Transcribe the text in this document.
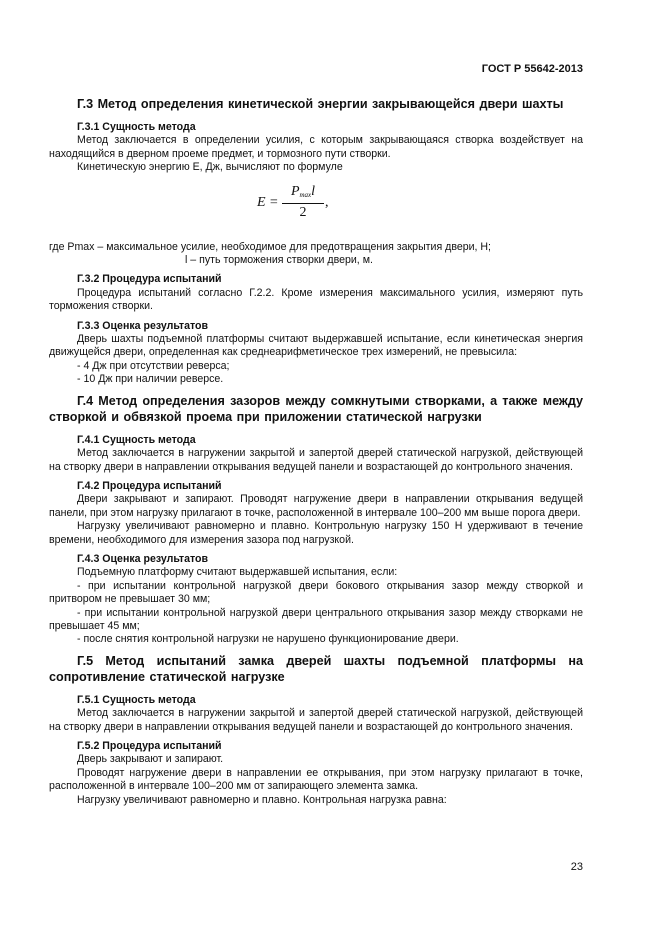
ГОСТ Р 55642-2013
Г.3 Метод определения кинетической энергии закрывающейся двери шахты
Г.3.1 Сущность метода

Метод заключается в определении усилия, с которым закрывающаяся створка воздействует на находящийся в дверном проеме предмет, и тормозного пути створки.

Кинетическую энергию E, Дж, вычисляют по формуле

E =
$P_{max}l$
2
,

где Pmax – максимальное усилие, необходимое для предотвращения закрытия двери, Н;

l – путь торможения створки двери, м.

Г.3.2 Процедура испытаний

Процедура испытаний согласно Г.2.2. Кроме измерения максимального усилия, измеряют путь торможения створки.

Г.3.3 Оценка результатов

Дверь шахты подъемной платформы считают выдержавшей испытание, если кинетическая энергия движущейся двери, определенная как среднеарифметическое трех измерений, не превысила:

- 4 Дж при отсутствии реверса;

- 10 Дж при наличии реверсе.

Г.4 Метод определения зазоров между сомкнутыми створками, а также между створкой и обвязкой проема при приложении статической нагрузки
Г.4.1 Сущность метода

Метод заключается в нагружении закрытой и запертой дверей статической нагрузкой, действующей на створку двери в направлении открывания ведущей панели и возрастающей до контрольного значения.

Г.4.2 Процедура испытаний

Двери закрывают и запирают. Проводят нагружение двери в направлении открывания ведущей панели, при этом нагрузку прилагают в точке, расположенной в интервале 100–200 мм выше порога двери.

Нагрузку увеличивают равномерно и плавно. Контрольную нагрузку 150 Н удерживают в течение времени, необходимого для измерения зазора под нагрузкой.

Г.4.3 Оценка результатов

Подъемную платформу считают выдержавшей испытания, если:

- при испытании контрольной нагрузкой двери бокового открывания зазор между створкой и притвором не превышает 30 мм;

- при испытании контрольной нагрузкой двери центрального открывания зазор между створками не превышает 45 мм;

- после снятия контрольной нагрузки не нарушено функционирование двери.

Г.5 Метод испытаний замка дверей шахты подъемной платформы на сопротивление статической нагрузке
Г.5.1 Сущность метода

Метод заключается в нагружении закрытой и запертой дверей статической нагрузкой, действующей на створку двери в направлении открывания ведущей панели и возрастающей до контрольного значения.

Г.5.2 Процедура испытаний

Дверь закрывают и запирают.

Проводят нагружение двери в направлении ее открывания, при этом нагрузку прилагают в точке, расположенной в интервале 100–200 мм от запирающего элемента замка.

Нагрузку увеличивают равномерно и плавно. Контрольная нагрузка равна:

23
